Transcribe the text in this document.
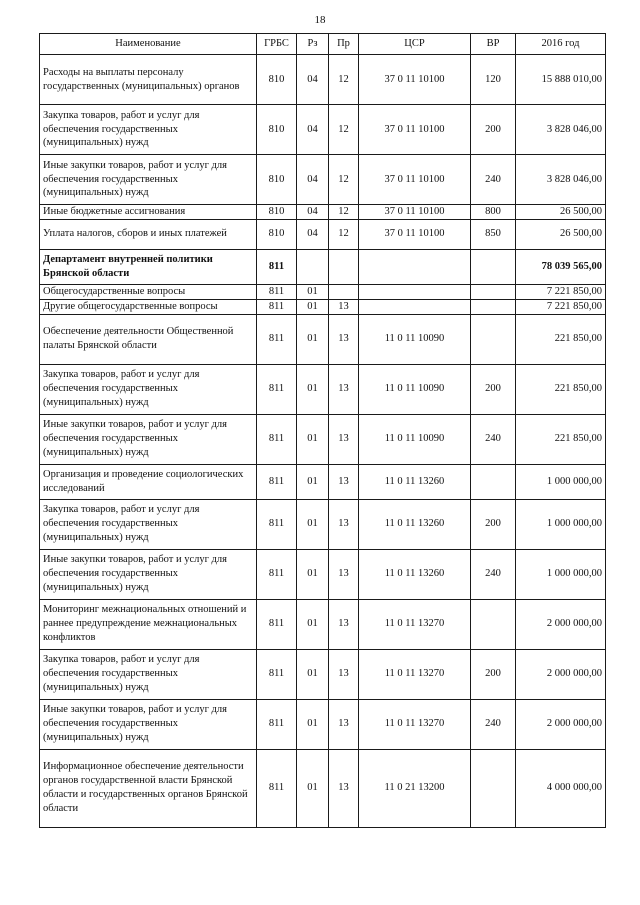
18
Наименование	ГРБС	Рз	Пр	ЦСР	ВР	2016 год
Расходы на выплаты персоналу государственных (муниципальных) органов	810	04	12	37 0 11 10100	120	15 888 010,00
Закупка товаров, работ и услуг для обеспечения государственных (муниципальных) нужд	810	04	12	37 0 11 10100	200	3 828 046,00
Иные закупки товаров, работ и услуг для обеспечения государственных (муниципальных) нужд	810	04	12	37 0 11 10100	240	3 828 046,00
Иные бюджетные ассигнования	810	04	12	37 0 11 10100	800	26 500,00
Уплата налогов, сборов и иных платежей	810	04	12	37 0 11 10100	850	26 500,00
Департамент внутренней политики Брянской области	811					78 039 565,00
Общегосударственные вопросы	811	01				7 221 850,00
Другие общегосударственные вопросы	811	01	13			7 221 850,00
Обеспечение деятельности Общественной палаты Брянской области	811	01	13	11 0 11 10090		221 850,00
Закупка товаров, работ и услуг для обеспечения государственных (муниципальных) нужд	811	01	13	11 0 11 10090	200	221 850,00
Иные закупки товаров, работ и услуг для обеспечения государственных (муниципальных) нужд	811	01	13	11 0 11 10090	240	221 850,00
Организация и проведение социологических исследований	811	01	13	11 0 11 13260		1 000 000,00
Закупка товаров, работ и услуг для обеспечения государственных (муниципальных) нужд	811	01	13	11 0 11 13260	200	1 000 000,00
Иные закупки товаров, работ и услуг для обеспечения государственных (муниципальных) нужд	811	01	13	11 0 11 13260	240	1 000 000,00
Мониторинг межнациональных отношений и раннее предупреждение межнациональных конфликтов	811	01	13	11 0 11 13270		2 000 000,00
Закупка товаров, работ и услуг для обеспечения государственных (муниципальных) нужд	811	01	13	11 0 11 13270	200	2 000 000,00
Иные закупки товаров, работ и услуг для обеспечения государственных (муниципальных) нужд	811	01	13	11 0 11 13270	240	2 000 000,00
Информационное обеспечение деятельности органов государственной власти Брянской области и государственных органов Брянской области	811	01	13	11 0 21 13200		4 000 000,00
